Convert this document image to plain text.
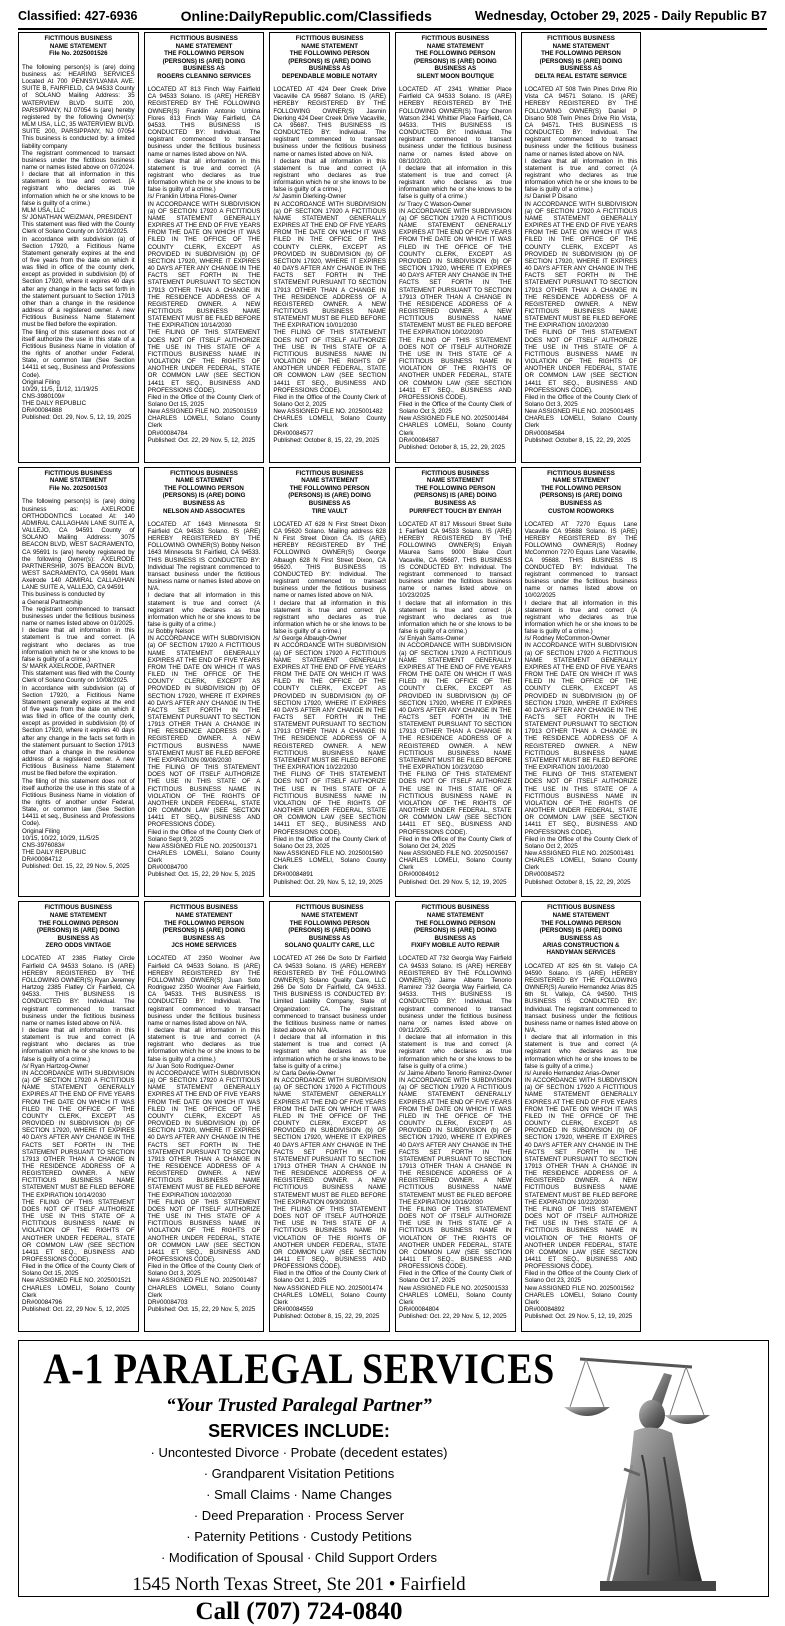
Classified: 427-6936	Online:DailyRepublic.com/Classifieds	Wednesday, October 29, 2025 - Daily Republic B7
FICTITIOUS BUSINESS
NAME STATEMENT
File No. 2025001526
The following person(s) is (are) doing business as: HEARING SERVICES Located At 700 PENNSYLVANIA AVE. SUITE B, FAIRFIELD, CA 94533 County of SOLANO Mailing Address: 35 WATERVIEW BLVD SUITE 200, PARSIPPANY, NJ 07054 Is (are) hereby registered by the following Owner(s): MLM USA, LLC, 35 WATERVIEW BLVD. SUITE 200, PARSIPPANY, NJ 07054 This business is conducted by: a limited liability company
The registrant commenced to transact business under the fictitious business name or names listed above on 07/2024.
I declare that all information in this statement is true and correct. (A registrant who declares as true information which he or she knows to be false is guilty of a crime.)
MLM USA, LLC
S/ JONATHAN WEIZMAN, PRESIDENT
This statement was filed with the County Clerk of Solano County on 10/16/2025.
In accordance with subdivision (a) of Section 17920, a Fictitious Name Statement generally expires at the end of five years from the date on which it was filed in office of the county clerk, except as provided in subdivision (b) of Section 17920, where it expires 40 days after any change in the facts set forth in the statement pursuant to Section 17913 other than a change in the residence address of a registered owner. A new Fictitious Business Name Statement must be filed before the expiration.
The filing of this statement does not of itself authorize the use in this state of a Fictitious Business Name in violation of the rights of another under Federal, State, or common law (See Section 14411 et seq., Business and Professions Code).
Original Filing
10/29, 11/5, 11/12, 11/19/25
CNS-3980109#
THE DAILY REPUBLIC
DR#00084888
Published: Oct. 29, Nov. 5, 12, 19, 2025
FICTITIOUS BUSINESS
NAME STATEMENT
File No. 2025001503
The following person(s) is (are) doing business as: AXELRODE ORTHODONTICS Located At: 140 ADMIRAL CALLAGHAN LANE SUITE A, VALLEJO, CA 94591 County of SOLANO Mailing Address: 3075 BEACON BLVD, WEST SACRAMENTO, CA 95691 Is (are) hereby registered by the following Owner(s): AXELRODE PARTNERSHIP, 3075 BEACON BLVD, WEST SACRAMENTO, CA 95691 Mark Axelrode 140 ADMIRAL CALLAGHAN LANE SUITE A, VALLEJO, CA 94591
This business is conducted by
a General Partnership
The registrant commenced to transact businesses under the fictitious business name or names listed above on 01/2025.
I declare that all information in this statement is true and correct. (A registrant who declares as true information which he or she knows to be false is guilty of a crime.)
S/ MARK AXELRODE, PARTNER
This statement was filed with the County Clerk of Solano County on 10/08/2025.
In accordance with subdivision (a) of Section 17920, a Fictitious Name Statement generally expires at the end of five years from the date on which it was filed in office of the county clerk, except as provided in subdivision (b) of Section 17920, where it expires 40 days after any change in the facts set forth in the statement pursuant to Section 17913 other than a change in the residence address of a registered owner. A new Fictitious Business Name Statement must be filed before the expiration.
The filing of this statement does not of itself authorize the use in this state of a Fictitious Business Name in violation of the rights of another under Federal, State, or common law (See Section 14411 et seq., Business and Professions Code).
Original Filing
10/15, 10/22, 10/29, 11/5/25
CNS-3976083#
THE DAILY REPUBLIC
DR#00084712
Published: Oct. 15, 22, 29 Nov. 5, 2025
FICTITIOUS BUSINESS
NAME STATEMENT
THE FOLLOWING PERSON (PERSONS) IS (ARE) DOING BUSINESS AS
ZERO ODDS VINTAGE
LOCATED AT 2385 Flatley Circle Fairfield CA 94533 Solano. IS (ARE) HEREBY REGISTERED BY THE FOLLOWING OWNER(S) Ryan Jeremey Hartzog 2385 Flatley Cir Fairfield, CA 94533. THIS BUSINESS IS CONDUCTED BY: Individual. The registrant commenced to transact business under the fictitious business name or names listed above on N/A.
I declare that all information in this statement is true and correct (A registrant who declares as true information which he or she knows to be false is guilty of a crime.)
/s/ Ryan Hartzog-Owner
IN ACCORDANCE WITH SUBDIVISION (a) OF SECTION 17920 A FICTITIOUS NAME STATEMENT GENERALLY EXPIRES AT THE END OF FIVE YEARS FROM THE DATE ON WHICH IT WAS FILED IN THE OFFICE OF THE COUNTY CLERK, EXCEPT AS PROVIDED IN SUBDIVISION (b) OF SECTION 17920, WHERE IT EXPIRES 40 DAYS AFTER ANY CHANGE IN THE FACTS SET FORTH IN THE STATEMENT PURSUANT TO SECTION 17913 OTHER THAN A CHANGE IN THE RESIDENCE ADDRESS OF A REGISTERED OWNER. A NEW FICTITIOUS BUSINESS NAME STATEMENT MUST BE FILED BEFORE THE EXPIRATION 10/14/2030
THE FILING OF THIS STATEMENT DOES NOT OF ITSELF AUTHORIZE THE USE IN THIS STATE OF A FICTITIOUS BUSINESS NAME IN VIOLATION OF THE RIGHTS OF ANOTHER UNDER FEDERAL, STATE OR COMMON LAW (SEE SECTION 14411 ET SEQ., BUSINESS AND PROFESSIONS CODE).
Filed in the Office of the County Clerk of Solano Oct 15, 2025
New ASSIGNED FILE NO. 2025001521
CHARLES LOMELI, Solano County Clerk
DR#00084796
Published: Oct. 22, 29 Nov. 5, 12, 2025
FICTITIOUS BUSINESS
NAME STATEMENT
THE FOLLOWING PERSON (PERSONS) IS (ARE) DOING BUSINESS AS
ROGERS CLEANING SERVICES
LOCATED AT 813 Finch Way Fairfield CA 94533 Solano. IS (ARE) HEREBY REGISTERED BY THE FOLLOWING OWNER(S) Franklin Antonio Urbina Flores 813 Finch Way Fairfield, CA 94533. THIS BUSINESS IS CONDUCTED BY: Individual. The registrant commenced to transact business under the fictitious business name or names listed above on N/A.
I declare that all information in this statement is true and correct (A registrant who declares as true information which he or she knows to be false is guilty of a crime.)
/s/ Franklin Urbina Flores-Owner
IN ACCORDANCE WITH SUBDIVISION (a) OF SECTION 17920 A FICTITIOUS NAME STATEMENT GENERALLY EXPIRES AT THE END OF FIVE YEARS FROM THE DATE ON WHICH IT WAS FILED IN THE OFFICE OF THE COUNTY CLERK, EXCEPT AS PROVIDED IN SUBDIVISION (b) OF SECTION 17920, WHERE IT EXPIRES 40 DAYS AFTER ANY CHANGE IN THE FACTS SET FORTH IN THE STATEMENT PURSUANT TO SECTION 17913 OTHER THAN A CHANGE IN THE RESIDENCE ADDRESS OF A REGISTERED OWNER. A NEW FICTITIOUS BUSINESS NAME STATEMENT MUST BE FILED BEFORE THE EXPIRATION 10/14/2030
THE FILING OF THIS STATEMENT DOES NOT OF ITSELF AUTHORIZE THE USE IN THIS STATE OF A FICTITIOUS BUSINESS NAME IN VIOLATION OF THE RIGHTS OF ANOTHER UNDER FEDERAL, STATE OR COMMON LAW (SEE SECTION 14411 ET SEQ., BUSINESS AND PROFESSIONS CODE).
Filed in the Office of the County Clerk of Solano Oct 15, 2025
New ASSIGNED FILE NO. 2025001519
CHARLES LOMELI, Solano County Clerk
DR#00084784
Published: Oct. 22, 29 Nov. 5, 12, 2025
FICTITIOUS BUSINESS
NAME STATEMENT
THE FOLLOWING PERSON (PERSONS) IS (ARE) DOING BUSINESS AS
NELSON AND ASSOCIATES
LOCATED AT 1643 Minnesota St Fairfield CA 94533 Solano. IS (ARE) HEREBY REGISTERED BY THE FOLLOWING OWNER(S) Bobby Nelson 1643 Minnesota St Fairfield, CA 94533. THIS BUSINESS IS CONDUCTED BY: Individual The registrant commenced to transact business under the fictitious business name or names listed above on N/A.
I declare that all information in this statement is true and correct (A registrant who declares as true information which he or she knows to be false is guilty of a crime.)
/s/ Bobby Nelson
IN ACCORDANCE WITH SUBDIVISION (a) OF SECTION 17920 A FICTITIOUS NAME STATEMENT GENERALLY EXPIRES AT THE END OF FIVE YEARS FROM THE DATE ON WHICH IT WAS FILED IN THE OFFICE OF THE COUNTY CLERK, EXCEPT AS PROVIDED IN SUBDIVISION (b) OF SECTION 17920, WHERE IT EXPIRES 40 DAYS AFTER ANY CHANGE IN THE FACTS SET FORTH IN THE STATEMENT PURSUANT TO SECTION 17913 OTHER THAN A CHANGE IN THE RESIDENCE ADDRESS OF A REGISTERED OWNER. A NEW FICTITIOUS BUSINESS NAME STATEMENT MUST BE FILED BEFORE THE EXPIRATION 09/08/2030
THE FILING OF THIS STATEMENT DOES NOT OF ITSELF AUTHORIZE THE USE IN THIS STATE OF A FICTITIOUS BUSINESS NAME IN VIOLATION OF THE RIGHTS OF ANOTHER UNDER FEDERAL, STATE OR COMMON LAW (SEE SECTION 14411 ET SEQ., BUSINESS AND PROFESSIONS CODE).
Filed in the Office of the County Clerk of Solano Sept 9, 2025
New ASSIGNED FILE NO. 2025001371
CHARLES LOMELI, Solano County Clerk
DR#00084700
Published: Oct. 15, 22, 29 Nov. 5, 2025
FICTITIOUS BUSINESS
NAME STATEMENT
THE FOLLOWING PERSON (PERSONS) IS (ARE) DOING BUSINESS AS
JCS HOME SERVICES
LOCATED AT 2350 Woolner Ave Fairfield CA 94533 Solano. IS (ARE) HEREBY REGISTERED BY THE FOLLOWING OWNER(S) Juan Soto Rodriguez 2350 Woolner Ave Fairfield, CA 94533. THIS BUSINESS IS CONDUCTED BY: Individual. The registrant commenced to transact business under the fictitious business name or names listed above on N/A.
I declare that all information in this statement is true and correct (A registrant who declares as true information which he or she knows to be false is guilty of a crime.)
/s/ Juan Soto Rodriguez-Owner
IN ACCORDANCE WITH SUBDIVISION (a) OF SECTION 17920 A FICTITIOUS NAME STATEMENT GENERALLY EXPIRES AT THE END OF FIVE YEARS FROM THE DATE ON WHICH IT WAS FILED IN THE OFFICE OF THE COUNTY CLERK, EXCEPT AS PROVIDED IN SUBDIVISION (b) OF SECTION 17920, WHERE IT EXPIRES 40 DAYS AFTER ANY CHANGE IN THE FACTS SET FORTH IN THE STATEMENT PURSUANT TO SECTION 17913 OTHER THAN A CHANGE IN THE RESIDENCE ADDRESS OF A REGISTERED OWNER. A NEW FICTITIOUS BUSINESS NAME STATEMENT MUST BE FILED BEFORE THE EXPIRATION 10/02/2030
THE FILING OF THIS STATEMENT DOES NOT OF ITSELF AUTHORIZE THE USE IN THIS STATE OF A FICTITIOUS BUSINESS NAME IN VIOLATION OF THE RIGHTS OF ANOTHER UNDER FEDERAL, STATE OR COMMON LAW (SEE SECTION 14411 ET SEQ., BUSINESS AND PROFESSIONS CODE).
Filed in the Office of the County Clerk of Solano Oct 3, 2025
New ASSIGNED FILE NO. 2025001487
CHARLES LOMELI, Solano County Clerk
DR#00084703
Published: Oct. 15, 22, 29 Nov. 5, 2025
FICTITIOUS BUSINESS
NAME STATEMENT
THE FOLLOWING PERSON (PERSONS) IS (ARE) DOING BUSINESS AS
DEPENDABLE MOBILE NOTARY
LOCATED AT 424 Deer Creek Drive Vacaville CA 95687 Solano. IS (ARE) HEREBY REGISTERED BY THE FOLLOWING OWNER(S) Jasmin Dierking 424 Deer Creek Drive Vacaville, CA 95687. THIS BUSINESS IS CONDUCTED BY: Individual. The registrant commenced to transact business under the fictitious business name or names listed above on N/A.
I declare that all information in this statement is true and correct (A registrant who declares as true information which he or she knows to be false is guilty of a crime.)
/s/ Jasmin Dierking-Owner
IN ACCORDANCE WITH SUBDIVISION (a) OF SECTION 17920 A FICTITIOUS NAME STATEMENT GENERALLY EXPIRES AT THE END OF FIVE YEARS FROM THE DATE ON WHICH IT WAS FILED IN THE OFFICE OF THE COUNTY CLERK, EXCEPT AS PROVIDED IN SUBDIVISION (b) OF SECTION 17920, WHERE IT EXPIRES 40 DAYS AFTER ANY CHANGE IN THE FACTS SET FORTH IN THE STATEMENT PURSUANT TO SECTION 17913 OTHER THAN A CHANGE IN THE RESIDENCE ADDRESS OF A REGISTERED OWNER. A NEW FICTITIOUS BUSINESS NAME STATEMENT MUST BE FILED BEFORE THE EXPIRATION 10/01/2030
THE FILING OF THIS STATEMENT DOES NOT OF ITSELF AUTHORIZE THE USE IN THIS STATE OF A FICTITIOUS BUSINESS NAME IN VIOLATION OF THE RIGHTS OF ANOTHER UNDER FEDERAL, STATE OR COMMON LAW (SEE SECTION 14411 ET SEQ., BUSINESS AND PROFESSIONS CODE).
Filed in the Office of the County Clerk of Solano Oct 2, 2025
New ASSIGNED FILE NO. 2025001482
CHARLES LOMELI, Solano County Clerk
DR#00084577
Published: October 8, 15, 22, 29, 2025
FICTITIOUS BUSINESS
NAME STATEMENT
THE FOLLOWING PERSON (PERSONS) IS (ARE) DOING BUSINESS AS
TIRE VAULT
LOCATED AT 628 N First Street Dixon CA 95620 Solano. Mailing address 628 N First Street Dixon CA. IS (ARE) HEREBY REGISTERED BY THE FOLLOWING OWNER(S) George Albaugh 628 N First Street Dixon, CA 95620. THIS BUSINESS IS CONDUCTED BY: Individual. The registrant commenced to transact business under the fictitious business name or names listed above on N/A.
I declare that all information in this statement is true and correct (A registrant who declares as true information which he or she knows to be false is guilty of a crime.)
/s/ George Albaugh-Owner
IN ACCORDANCE WITH SUBDIVISION (a) OF SECTION 17920 A FICTITIOUS NAME STATEMENT GENERALLY EXPIRES AT THE END OF FIVE YEARS FROM THE DATE ON WHICH IT WAS FILED IN THE OFFICE OF THE COUNTY CLERK, EXCEPT AS PROVIDED IN SUBDIVISION (b) OF SECTION 17920, WHERE IT EXPIRES 40 DAYS AFTER ANY CHANGE IN THE FACTS SET FORTH IN THE STATEMENT PURSUANT TO SECTION 17913 OTHER THAN A CHANGE IN THE RESIDENCE ADDRESS OF A REGISTERED OWNER. A NEW FICTITIOUS BUSINESS NAME STATEMENT MUST BE FILED BEFORE THE EXPIRATION 10/22/2030
THE FILING OF THIS STATEMENT DOES NOT OF ITSELF AUTHORIZE THE USE IN THIS STATE OF A FICTITIOUS BUSINESS NAME IN VIOLATION OF THE RIGHTS OF ANOTHER UNDER FEDERAL, STATE OR COMMON LAW (SEE SECTION 14411 ET SEQ., BUSINESS AND PROFESSIONS CODE).
Filed in the Office of the County Clerk of Solano Oct 23, 2025
New ASSIGNED FILE NO. 2025001560
CHARLES LOMELI, Solano County Clerk
DR#00084891
Published: Oct. 29, Nov. 5, 12, 19, 2025
FICTITIOUS BUSINESS
NAME STATEMENT
THE FOLLOWING PERSON (PERSONS) IS (ARE) DOING BUSINESS AS
SOLANO QUALITY CARE, LLC
LOCATED AT 266 De Soto Dr Fairfield CA 94533 Solano. IS (ARE) HEREBY REGISTERED BY THE FOLLOWING OWNER(S) Solano Quality Care, LLC 266 De Soto Dr Fairfield, CA 94533. THIS BUSINESS IS CONDUCTED BY: Limited Liability Company, State of Organization: CA. The registrant commenced to transact business under the fictitious business name or names listed above on N/A.
I declare that all information in this statement is true and correct (A registrant who declares as true information which he or she knows to be false is guilty of a crime.)
/s/ Carla Devlie-Owner
IN ACCORDANCE WITH SUBDIVISION (a) OF SECTION 17920 A FICTITIOUS NAME STATEMENT GENERALLY EXPIRES AT THE END OF FIVE YEARS FROM THE DATE ON WHICH IT WAS FILED IN THE OFFICE OF THE COUNTY CLERK, EXCEPT AS PROVIDED IN SUBDIVISION (b) OF SECTION 17920, WHERE IT EXPIRES 40 DAYS AFTER ANY CHANGE IN THE FACTS SET FORTH IN THE STATEMENT PURSUANT TO SECTION 17913 OTHER THAN A CHANGE IN THE RESIDENCE ADDRESS OF A REGISTERED OWNER. A NEW FICTITIOUS BUSINESS NAME STATEMENT MUST BE FILED BEFORE THE EXPIRATION 09/30/2030.
THE FILING OF THIS STATEMENT DOES NOT OF ITSELF AUTHORIZE THE USE IN THIS STATE OF A FICTITIOUS BUSINESS NAME IN VIOLATION OF THE RIGHTS OF ANOTHER UNDER FEDERAL, STATE OR COMMON LAW (SEE SECTION 14411 ET SEQ., BUSINESS AND PROFESSIONS CODE).
Filed in the Office of the County Clerk of Solano Oct 1, 2025
New ASSIGNED FILE NO. 2025001474
CHARLES LOMELI, Solano County Clerk
DR#00084559
Published: October 8, 15, 22, 29, 2025
FICTITIOUS BUSINESS
NAME STATEMENT
THE FOLLOWING PERSON (PERSONS) IS (ARE) DOING BUSINESS AS
SILENT MOON BOUTIQUE
LOCATED AT 2341 Whittier Place Fairfield CA 94533 Solano. IS (ARE) HEREBY REGISTERED BY THE FOLLOWING OWNER(S) Tracy Cheron Watson 2341 Whittier Place Fairfield, CA 94533. THIS BUSINESS IS CONDUCTED BY: Individual. The registrant commenced to transact business under the fictitious business name or names listed above on 08/10/2020.
I declare that all information in this statement is true and correct (A registrant who declares as true information which he or she knows to be false is guilty of a crime.)
/s/ Tracy C Watson-Owner
IN ACCORDANCE WITH SUBDIVISION (a) OF SECTION 17920 A FICTITIOUS NAME STATEMENT GENERALLY EXPIRES AT THE END OF FIVE YEARS FROM THE DATE ON WHICH IT WAS FILED IN THE OFFICE OF THE COUNTY CLERK, EXCEPT AS PROVIDED IN SUBDIVISION (b) OF SECTION 17920, WHERE IT EXPIRES 40 DAYS AFTER ANY CHANGE IN THE FACTS SET FORTH IN THE STATEMENT PURSUANT TO SECTION 17913 OTHER THAN A CHANGE IN THE RESIDENCE ADDRESS OF A REGISTERED OWNER. A NEW FICTITIOUS BUSINESS NAME STATEMENT MUST BE FILED BEFORE THE EXPIRATION 10/02/2030
THE FILING OF THIS STATEMENT DOES NOT OF ITSELF AUTHORIZE THE USE IN THIS STATE OF A FICTITIOUS BUSINESS NAME IN VIOLATION OF THE RIGHTS OF ANOTHER UNDER FEDERAL, STATE OR COMMON LAW (SEE SECTION 14411 ET SEQ., BUSINESS AND PROFESSIONS CODE).
Filed in the Office of the County Clerk of Solano Oct 3, 2025
New ASSIGNED FILE NO. 2025001484
CHARLES LOMELI, Solano County Clerk
DR#00084587
Published: October 8, 15, 22, 29, 2025
FICTITIOUS BUSINESS
NAME STATEMENT
THE FOLLOWING PERSON (PERSONS) IS (ARE) DOING BUSINESS AS
PURRFECT TOUCH BY ENIYAH
LOCATED AT 817 Missouri Street Suite 1 Fairfield CA 94533 Solano. IS (ARE) HEREBY REGISTERED BY THE FOLLOWING OWNER(S) Eniyah Maurea Sams 9000 Blake Court Vacaville, CA 95687. THIS BUSINESS IS CONDUCTED BY: Individual. The registrant commenced to transact business under the fictitious business name or names listed above on 10/23/2025
I declare that all information in this statement is true and correct (A registrant who declares as true information which he or she knows to be false is guilty of a crime.)
/s/ Eniyah Sams-Owner
IN ACCORDANCE WITH SUBDIVISION (a) OF SECTION 17920 A FICTITIOUS NAME STATEMENT GENERALLY EXPIRES AT THE END OF FIVE YEARS FROM THE DATE ON WHICH IT WAS FILED IN THE OFFICE OF THE COUNTY CLERK, EXCEPT AS PROVIDED IN SUBDIVISION (b) OF SECTION 17920, WHERE IT EXPIRES 40 DAYS AFTER ANY CHANGE IN THE FACTS SET FORTH IN THE STATEMENT PURSUANT TO SECTION 17913 OTHER THAN A CHANGE IN THE RESIDENCE ADDRESS OF A REGISTERED OWNER. A NEW FICTITIOUS BUSINESS NAME STATEMENT MUST BE FILED BEFORE THE EXPIRATION 10/23/2030
THE FILING OF THIS STATEMENT DOES NOT OF ITSELF AUTHORIZE THE USE IN THIS STATE OF A FICTITIOUS BUSINESS NAME IN VIOLATION OF THE RIGHTS OF ANOTHER UNDER FEDERAL, STATE OR COMMON LAW (SEE SECTION 14411 ET SEQ., BUSINESS AND PROFESSIONS CODE).
Filed in the Office of the County Clerk of Solano Oct 24, 2025
New ASSIGNED FILE NO. 2025001567
CHARLES LOMELI, Solano County Clerk
DR#00084912
Published: Oct. 29 Nov. 5, 12, 19, 2025
FICTITIOUS BUSINESS
NAME STATEMENT
THE FOLLOWING PERSON (PERSONS) IS (ARE) DOING BUSINESS AS
FIXIFY MOBILE AUTO REPAIR
LOCATED AT 732 Georgia Way Fairfield CA 94533 Solano. IS (ARE) HEREBY REGISTERED BY THE FOLLOWING OWNER(S) Jaime Alberto Tenorio Ramirez 732 Georgia Way Fairfield, CA 94533. THIS BUSINESS IS CONDUCTED BY: Individual. The registrant commenced to transact business under the fictitious business name or names listed above on 09/11/2025.
I declare that all information in this statement is true and correct (A registrant who declares as true information which he or she knows to be false is guilty of a crime.)
/s/ Jaime Alberto Tenorio Ramirez-Owner
IN ACCORDANCE WITH SUBDIVISION (a) OF SECTION 17920 A FICTITIOUS NAME STATEMENT GENERALLY EXPIRES AT THE END OF FIVE YEARS FROM THE DATE ON WHICH IT WAS FILED IN THE OFFICE OF THE COUNTY CLERK, EXCEPT AS PROVIDED IN SUBDIVISION (b) OF SECTION 17920, WHERE IT EXPIRES 40 DAYS AFTER ANY CHANGE IN THE FACTS SET FORTH IN THE STATEMENT PURSUANT TO SECTION 17913 OTHER THAN A CHANGE IN THE RESIDENCE ADDRESS OF A REGISTERED OWNER. A NEW FICTITIOUS BUSINESS NAME STATEMENT MUST BE FILED BEFORE THE EXPIRATION 10/16/2030
THE FILING OF THIS STATEMENT DOES NOT OF ITSELF AUTHORIZE THE USE IN THIS STATE OF A FICTITIOUS BUSINESS NAME IN VIOLATION OF THE RIGHTS OF ANOTHER UNDER FEDERAL, STATE OR COMMON LAW (SEE SECTION 14411 ET SEQ., BUSINESS AND PROFESSIONS CODE).
Filed in the Office of the County Clerk of Solano Oct 17, 2025
New ASSIGNED FILE NO. 2025001533
CHARLES LOMELI, Solano County Clerk
DR#00084804
Published: Oct. 22, 29 Nov. 5, 12, 2025
FICTITIOUS BUSINESS
NAME STATEMENT
THE FOLLOWING PERSON (PERSONS) IS (ARE) DOING BUSINESS AS
DELTA REAL ESTATE SERVICE
LOCATED AT 508 Twin Pines Drive Rio Vista CA 94571 Solano. IS (ARE) HEREBY REGISTERED BY THE FOLLOWING OWNER(S) Daniel P Disano 508 Twin Pines Drive Rio Vista, CA 94571. THIS BUSINESS IS CONDUCTED BY: Individual. The registrant commenced to transact business under the fictitious business name or names listed above on N/A.
I declare that all information in this statement is true and correct (A registrant who declares as true information which he or she knows to be false is guilty of a crime.)
/s/ Daniel P Disano
IN ACCORDANCE WITH SUBDIVISION (a) OF SECTION 17920 A FICTITIOUS NAME STATEMENT GENERALLY EXPIRES AT THE END OF FIVE YEARS FROM THE DATE ON WHICH IT WAS FILED IN THE OFFICE OF THE COUNTY CLERK, EXCEPT AS PROVIDED IN SUBDIVISION (b) OF SECTION 17920, WHERE IT EXPIRES 40 DAYS AFTER ANY CHANGE IN THE FACTS SET FORTH IN THE STATEMENT PURSUANT TO SECTION 17913 OTHER THAN A CHANGE IN THE RESIDENCE ADDRESS OF A REGISTERED OWNER. A NEW FICTITIOUS BUSINESS NAME STATEMENT MUST BE FILED BEFORE THE EXPIRATION 10/02/2030
THE FILING OF THIS STATEMENT DOES NOT OF ITSELF AUTHORIZE THE USE IN THIS STATE OF A FICTITIOUS BUSINESS NAME IN VIOLATION OF THE RIGHTS OF ANOTHER UNDER FEDERAL, STATE OR COMMON LAW (SEE SECTION 14411 ET SEQ., BUSINESS AND PROFESSIONS CODE).
Filed in the Office of the County Clerk of Solano Oct 3, 2025
New ASSIGNED FILE NO. 2025001485
CHARLES LOMELI, Solano County Clerk
DR#00084584
Published: October 8, 15, 22, 29, 2025
FICTITIOUS BUSINESS
NAME STATEMENT
THE FOLLOWING PERSON (PERSONS) IS (ARE) DOING BUSINESS AS
CUSTOM RODWORKS
LOCATED AT 7270 Equus Lane Vacaville CA 95688 Solano. IS (ARE) HEREBY REGISTERED BY THE FOLLOWING OWNER(S) Rodney McCommon 7270 Equus Lane Vacaville, CA 95688. THIS BUSINESS IS CONDUCTED BY: Individual. The registrant commenced to transact business under the fictitious business name or names listed above on 10/02/2025
I declare that all information in this statement is true and correct (A registrant who declares as true information which he or she knows to be false is guilty of a crime.)
/s/ Rodney McCommon-Owner
IN ACCORDANCE WITH SUBDIVISION (a) OF SECTION 17920 A FICTITIOUS NAME STATEMENT GENERALLY EXPIRES AT THE END OF FIVE YEARS FROM THE DATE ON WHICH IT WAS FILED IN THE OFFICE OF THE COUNTY CLERK, EXCEPT AS PROVIDED IN SUBDIVISION (b) OF SECTION 17920, WHERE IT EXPIRES 40 DAYS AFTER ANY CHANGE IN THE FACTS SET FORTH IN THE STATEMENT PURSUANT TO SECTION 17913 OTHER THAN A CHANGE IN THE RESIDENCE ADDRESS OF A REGISTERED OWNER. A NEW FICTITIOUS BUSINESS NAME STATEMENT MUST BE FILED BEFORE THE EXPIRATION 10/01/2030
THE FILING OF THIS STATEMENT DOES NOT OF ITSELF AUTHORIZE THE USE IN THIS STATE OF A FICTITIOUS BUSINESS NAME IN VIOLATION OF THE RIGHTS OF ANOTHER UNDER FEDERAL, STATE OR COMMON LAW (SEE SECTION 14411 ET SEQ., BUSINESS AND PROFESSIONS CODE).
Filed in the Office of the County Clerk of Solano Oct 2, 2025
New ASSIGNED FILE NO. 2025001481
CHARLES LOMELI, Solano County Clerk
DR#00084572
Published: October 8, 15, 22, 29, 2025
FICTITIOUS BUSINESS
NAME STATEMENT
THE FOLLOWING PERSON (PERSONS) IS (ARE) DOING BUSINESS AS
ARIAS CONSTRUCTION & HANDYMAN SERVICES
LOCATED AT 825 6th St. Vallejo CA 94590 Solano. IS (ARE) HEREBY REGISTERED BY THE FOLLOWING OWNER(S) Aurelio Hernandez Arias 825 6th St. Vallejo, CA 94590. THIS BUSINESS IS CONDUCTED BY: Individual. The registrant commenced to transact business under the fictitious business name or names listed above on N/A.
I declare that all information in this statement is true and correct (A registrant who declares as true information which he or she knows to be false is guilty of a crime.)
/s/ Aurelio Hernandez Arias-Owner
IN ACCORDANCE WITH SUBDIVISION (a) OF SECTION 17920 A FICTITIOUS NAME STATEMENT GENERALLY EXPIRES AT THE END OF FIVE YEARS FROM THE DATE ON WHICH IT WAS FILED IN THE OFFICE OF THE COUNTY CLERK, EXCEPT AS PROVIDED IN SUBDIVISION (b) OF SECTION 17920, WHERE IT EXPIRES 40 DAYS AFTER ANY CHANGE IN THE FACTS SET FORTH IN THE STATEMENT PURSUANT TO SECTION 17913 OTHER THAN A CHANGE IN THE RESIDENCE ADDRESS OF A REGISTERED OWNER. A NEW FICTITIOUS BUSINESS NAME STATEMENT MUST BE FILED BEFORE THE EXPIRATION 10/22/2030
THE FILING OF THIS STATEMENT DOES NOT OF ITSELF AUTHORIZE THE USE IN THIS STATE OF A FICTITIOUS BUSINESS NAME IN VIOLATION OF THE RIGHTS OF ANOTHER UNDER FEDERAL, STATE OR COMMON LAW (SEE SECTION 14411 ET SEQ., BUSINESS AND PROFESSIONS CODE).
Filed in the Office of the County Clerk of Solano Oct 23, 2025
New ASSIGNED FILE NO. 2025001562
CHARLES LOMELI, Solano County Clerk
DR#00084892
Published: Oct. 29 Nov. 5, 12, 19, 2025
A-1 PARALEGAL SERVICES
“Your Trusted Paralegal Partner”
SERVICES INCLUDE:
· Uncontested Divorce · Probate (decedent estates)
· Grandparent Visitation Petitions
· Small Claims · Name Changes
· Deed Preparation · Process Server
· Paternity Petitions · Custody Petitions
· Modification of Spousal · Child Support Orders
1545 North Texas Street, Ste 201 • Fairfield
Call (707) 724-0840
